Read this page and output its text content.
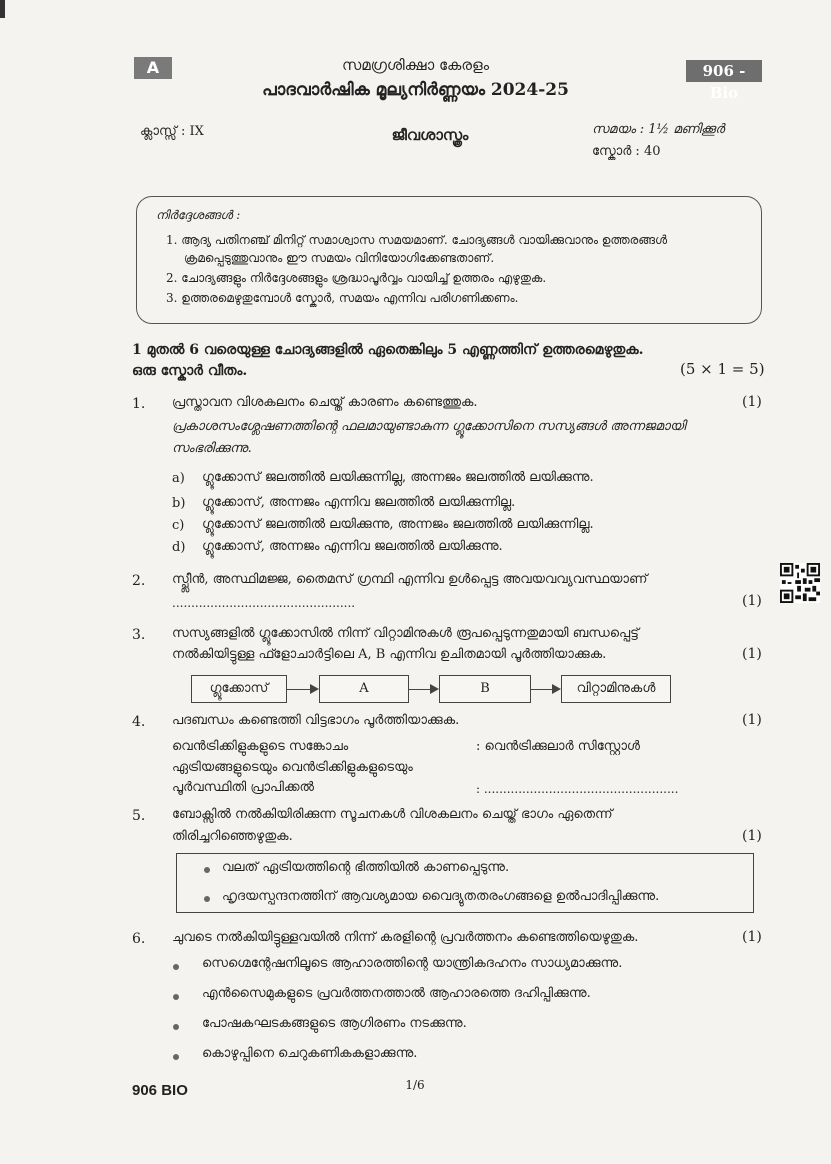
A	സമഗ്രശിക്ഷാ കേരളം
പാദവാർഷിക മൂല്യനിർണ്ണയം 2024-25
906 - Bio
ക്ലാസ്സ് : IX	ജീവശാസ്ത്രം	സമയം : 1½ മണിക്കൂർ
സ്കോർ : 40
നിർദ്ദേശങ്ങൾ :
1. ആദ്യ പതിനഞ്ച് മിനിറ്റ് സമാശ്വാസ സമയമാണ്. ചോദ്യങ്ങൾ വായിക്കുവാനും ഉത്തരങ്ങൾ
ക്രമപ്പെടുത്തുവാനും ഈ സമയം വിനിയോഗിക്കേണ്ടതാണ്.
2. ചോദ്യങ്ങളും നിർദ്ദേശങ്ങളും ശ്രദ്ധാപൂർവ്വം വായിച്ച് ഉത്തരം എഴുതുക.
3. ഉത്തരമെഴുതുമ്പോൾ സ്കോർ, സമയം എന്നിവ പരിഗണിക്കണം.
1 മുതൽ 6 വരെയുള്ള ചോദ്യങ്ങളിൽ ഏതെങ്കിലും 5 എണ്ണത്തിന് ഉത്തരമെഴുതുക.
ഒരു സ്കോർ വീതം.	(5 × 1 = 5)
1. പ്രസ്താവന വിശകലനം ചെയ്ത് കാരണം കണ്ടെത്തുക.	(1)
പ്രകാശസംശ്ലേഷണത്തിന്റെ ഫലമായുണ്ടാകുന്ന ഗ്ലൂക്കോസിനെ സസ്യങ്ങൾ അന്നജമായി
സംഭരിക്കുന്നു.
a) ഗ്ലൂക്കോസ് ജലത്തിൽ ലയിക്കുന്നില്ല, അന്നജം ജലത്തിൽ ലയിക്കുന്നു.
b) ഗ്ലൂക്കോസ്, അന്നജം എന്നിവ ജലത്തിൽ ലയിക്കുന്നില്ല.
c) ഗ്ലൂക്കോസ് ജലത്തിൽ ലയിക്കുന്നു, അന്നജം ജലത്തിൽ ലയിക്കുന്നില്ല.
d) ഗ്ലൂക്കോസ്, അന്നജം എന്നിവ ജലത്തിൽ ലയിക്കുന്നു.
2. സ്പ്ലീൻ, അസ്ഥിമജ്ജ, തൈമസ് ഗ്രന്ഥി എന്നിവ ഉൾപ്പെട്ട അവയവവ്യവസ്ഥയാണ്
................................................	(1)
3. സസ്യങ്ങളിൽ ഗ്ലൂക്കോസിൽ നിന്ന് വിറ്റാമിനുകൾ രൂപപ്പെടുന്നതുമായി ബന്ധപ്പെട്ട്
നൽകിയിട്ടുള്ള ഫ്ളോചാർട്ടിലെ A, B എന്നിവ ഉചിതമായി പൂർത്തിയാക്കുക.	(1)
ഗ്ലൂക്കോസ്	A	B	വിറ്റാമിനുകൾ
4. പദബന്ധം കണ്ടെത്തി വിട്ടഭാഗം പൂർത്തിയാക്കുക.	(1)
വെൻട്രിക്കിളുകളുടെ സങ്കോചം	: വെൻട്രിക്കുലാർ സിസ്റ്റോൾ
ഏട്രിയങ്ങളുടെയും വെൻട്രിക്കിളുകളുടെയും
പൂർവസ്ഥിതി പ്രാപിക്കൽ	: ...................................................
5. ബോക്സിൽ നൽകിയിരിക്കുന്ന സൂചനകൾ വിശകലനം ചെയ്ത് ഭാഗം ഏതെന്ന്
തിരിച്ചറിഞ്ഞെഴുതുക.	(1)
വലത് ഏട്രിയത്തിന്റെ ഭിത്തിയിൽ കാണപ്പെടുന്നു.
ഹൃദയസ്പന്ദനത്തിന് ആവശ്യമായ വൈദ്യുതതരംഗങ്ങളെ ഉൽപാദിപ്പിക്കുന്നു.
6. ചുവടെ നൽകിയിട്ടുള്ളവയിൽ നിന്ന് കരളിന്റെ പ്രവർത്തനം കണ്ടെത്തിയെഴുതുക.	(1)
സെഗ്മെന്റേഷനിലൂടെ ആഹാരത്തിന്റെ യാന്ത്രികദഹനം സാധ്യമാക്കുന്നു.
എൻസൈമുകളുടെ പ്രവർത്തനത്താൽ ആഹാരത്തെ ദഹിപ്പിക്കുന്നു.
പോഷകഘടകങ്ങളുടെ ആഗിരണം നടക്കുന്നു.
കൊഴുപ്പിനെ ചെറുകണികകളാക്കുന്നു.
906 BIO	1/6
